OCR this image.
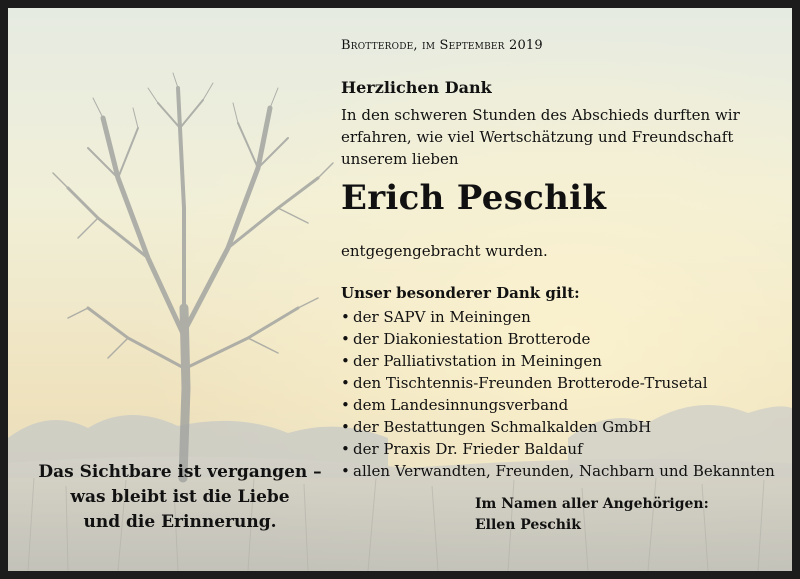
Brotterode, im September 2019
Herzlichen Dank
In den schweren Stunden des Abschieds durften wir
erfahren, wie viel Wertschätzung und Freundschaft
unserem lieben
Erich Peschik
entgegengebracht wurden.
Unser besonderer Dank gilt:
• der SAPV in Meiningen
• der Diakoniestation Brotterode
• der Palliativstation in Meiningen
• den Tischtennis-Freunden Brotterode-Trusetal
• dem Landesinnungsverband
• der Bestattungen Schmalkalden GmbH
• der Praxis Dr. Frieder Baldauf
• allen Verwandten, Freunden, Nachbarn und Bekannten
Das Sichtbare ist vergangen –
was bleibt ist die Liebe
und die Erinnerung.
Im Namen aller Angehörigen:
Ellen Peschik
